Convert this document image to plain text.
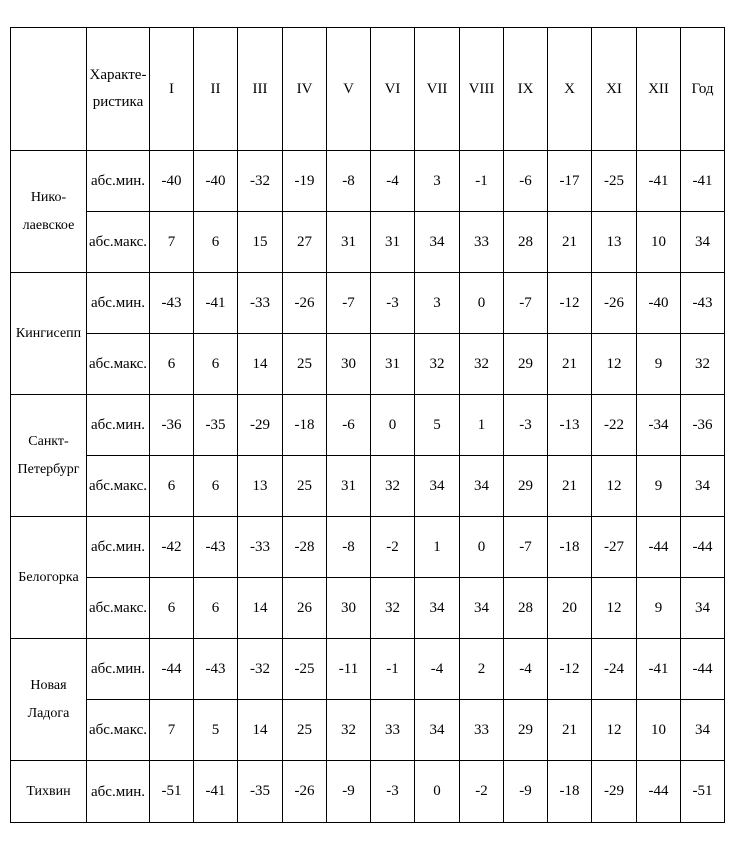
	Характе-ристика	I	II	III	IV	V	VI	VII	VIII	IX	X	XI	XII	Год
Нико-
лаевское	абс.мин.	-40	-40	-32	-19	-8	-4	3	-1	-6	-17	-25	-41	-41
	абс.макс.	7	6	15	27	31	31	34	33	28	21	13	10	34
Кингисепп	абс.мин.	-43	-41	-33	-26	-7	-3	3	0	-7	-12	-26	-40	-43
	абс.макс.	6	6	14	25	30	31	32	32	29	21	12	9	32
Санкт-
Петербург	абс.мин.	-36	-35	-29	-18	-6	0	5	1	-3	-13	-22	-34	-36
	абс.макс.	6	6	13	25	31	32	34	34	29	21	12	9	34
Белогорка	абс.мин.	-42	-43	-33	-28	-8	-2	1	0	-7	-18	-27	-44	-44
	абс.макс.	6	6	14	26	30	32	34	34	28	20	12	9	34
Новая
Ладога	абс.мин.	-44	-43	-32	-25	-11	-1	-4	2	-4	-12	-24	-41	-44
	абс.макс.	7	5	14	25	32	33	34	33	29	21	12	10	34
Тихвин	абс.мин.	-51	-41	-35	-26	-9	-3	0	-2	-9	-18	-29	-44	-51
